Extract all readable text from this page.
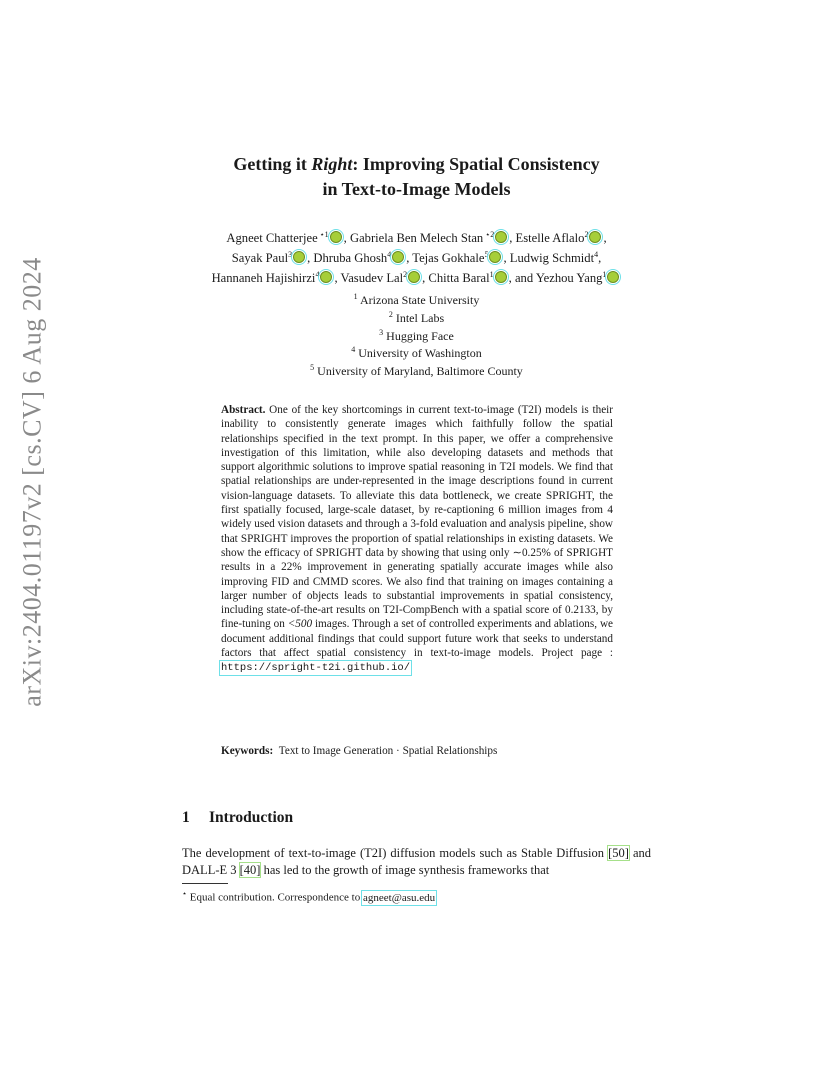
arXiv:2404.01197v2 [cs.CV] 6 Aug 2024
Getting it Right: Improving Spatial Consistency
in Text-to-Image Models
Agneet Chatterjee $^{⋆1}$ , Gabriela Ben Melech Stan $^{⋆2}$ , Estelle Aflalo$^2$ ,
Sayak Paul$^3$ , Dhruba Ghosh$^4$ , Tejas Gokhale$^5$ , Ludwig Schmidt$^4$,
Hannaneh Hajishirzi$^4$ , Vasudev Lal$^2$ , Chitta Baral$^1$ , and Yezhou Yang$^1$
$^1$ Arizona State University
$^2$ Intel Labs
$^3$ Hugging Face
$^4$ University of Washington
$^5$ University of Maryland, Baltimore County
Abstract. One of the key shortcomings in current text-to-image (T2I) models is their inability to consistently generate images which faithfully follow the spatial relationships specified in the text prompt. In this paper, we offer a comprehensive investigation of this limitation, while also developing datasets and methods that support algorithmic solutions to improve spatial reasoning in T2I models. We find that spatial relationships are under-represented in the image descriptions found in current vision-language datasets. To alleviate this data bottleneck, we create SPRIGHT, the first spatially focused, large-scale dataset, by re-captioning 6 million images from 4 widely used vision datasets and through a 3-fold evaluation and analysis pipeline, show that SPRIGHT improves the proportion of spatial relationships in existing datasets. We show the efficacy of SPRIGHT data by showing that using only ∼0.25% of SPRIGHT results in a 22% improvement in generating spatially accurate images while also improving FID and CMMD scores. We also find that training on images containing a larger number of objects leads to substantial improvements in spatial consistency, including state-of-the-art results on T2I-CompBench with a spatial score of 0.2133, by fine-tuning on <500 images. Through a set of controlled experiments and ablations, we document additional findings that could support future work that seeks to understand factors that affect spatial consistency in text-to-image models. Project page : https://spright-t2i.github.io/
Keywords: Text to Image Generation · Spatial Relationships
1 Introduction
The development of text-to-image (T2I) diffusion models such as Stable Diffusion [50] and DALL-E 3 [40] has led to the growth of image synthesis frameworks that
⋆ Equal contribution. Correspondence to agneet@asu.edu
